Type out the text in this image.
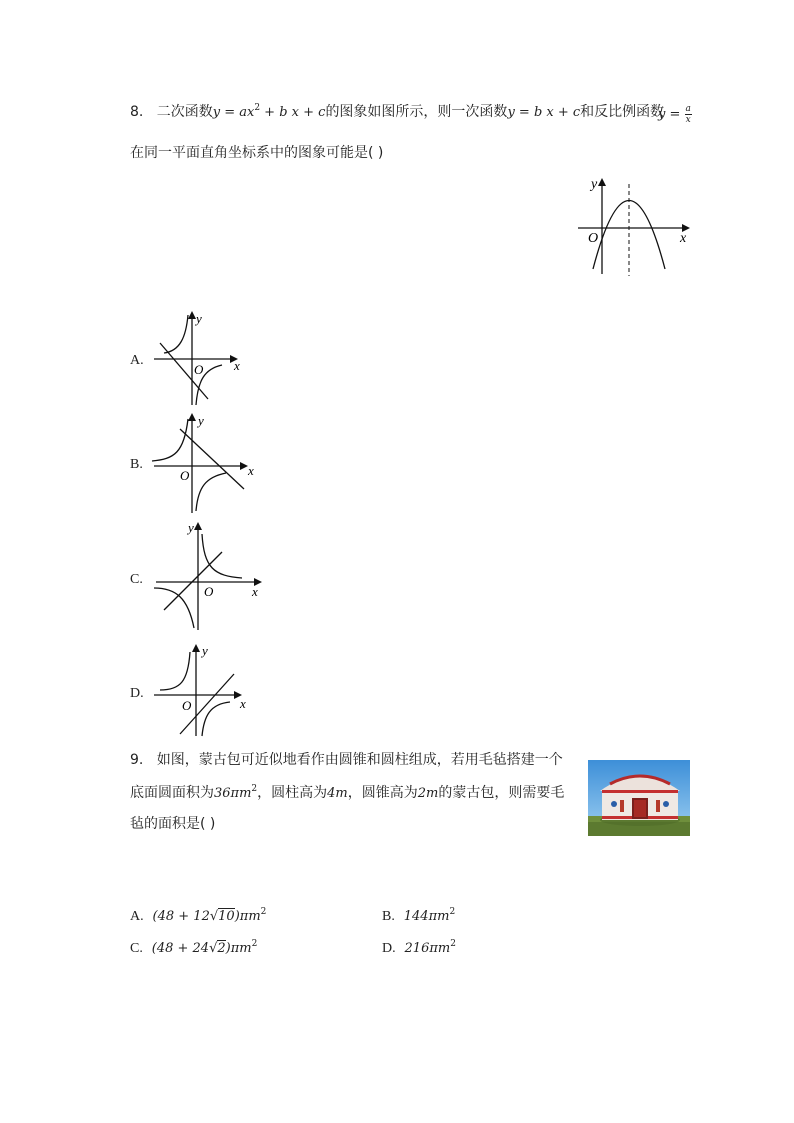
8. 二次函数$y = ax^2 + b$ x + c的图象如图所示，则一次函数y = b x + c和反比例函数
$y = \frac{a}{x}$
在同一平面直角坐标系中的图象可能是( )
y
x
O
A.
y
x
O
B.
y
x
O
C.
y
x
O
D.
y
x
O
9. 如图，蒙古包可近似地看作由圆锥和圆柱组成，若用毛毡搭建一个
底面圆面积为$36\pi m^2$，圆柱高为4m，圆锥高为2m的蒙古包，则需要毛
毡的面积是( )
A. $(48 + 12√10)\pi m^2$	B. $144\pi m^2$
C. $(48 + 24√2)\pi m^2$	D. $216\pi m^2$
